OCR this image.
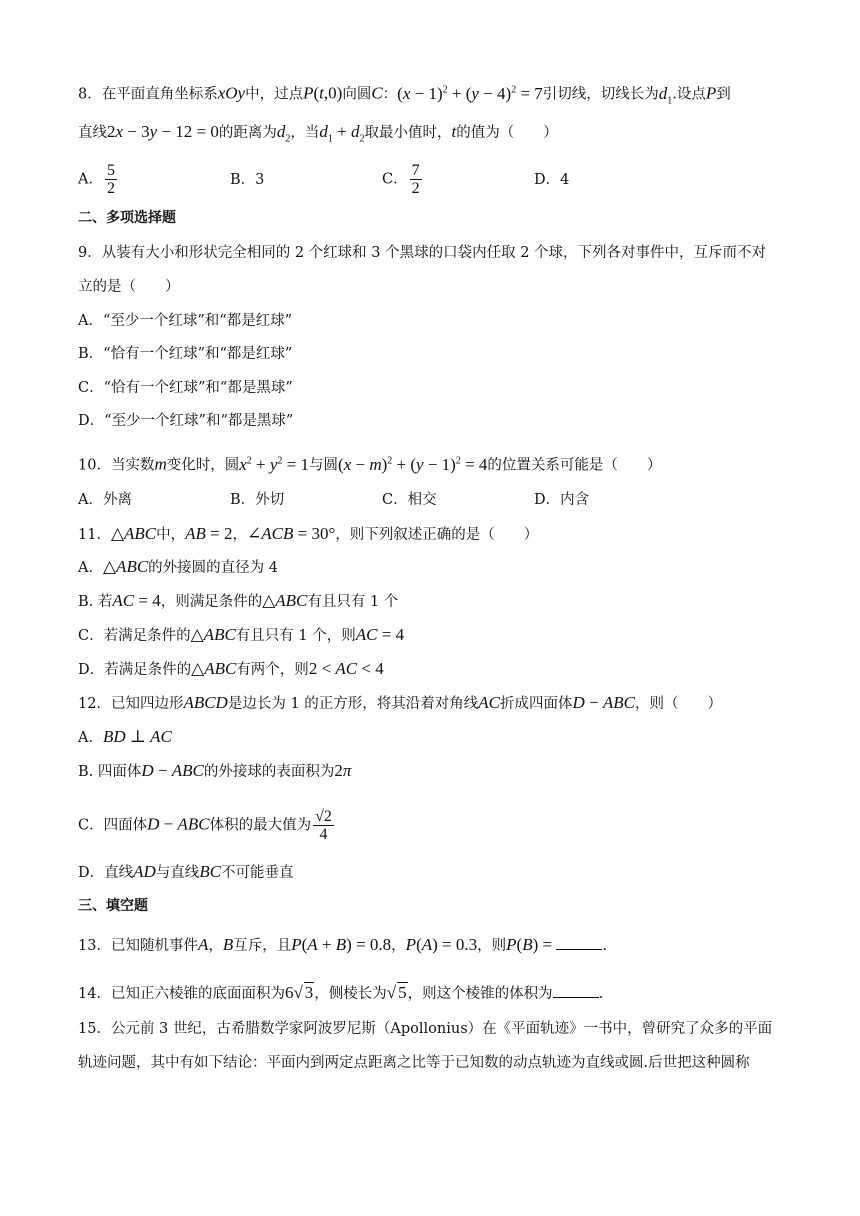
8．在平面直角坐标系xOy中，过点P(t,0)向圆C：$(x - 1)^2 + (y - 4)^2 = 7$引切线，切线长为$d_1$.设点P到
直线2x − 3y − 12 = 0的距离为$d_2$，当$d_1 + d_2$取最小值时，t的值为（　　）
A． $\frac{5}{2}$	B．3	C． $\frac{7}{2}$	D．4
二、多项选择题
9．从装有大小和形状完全相同的 2 个红球和 3 个黑球的口袋内任取 2 个球，下列各对事件中，互斥而不对
立的是（　　）
A．“至少一个红球”和“都是红球”
B．“恰有一个红球”和“都是红球”
C．“恰有一个红球”和“都是黑球”
D．“至少一个红球”和“都是黑球”
10．当实数m变化时，圆$x^2 + y^2 = 1$与圆$(x - m)^2 + (y - 1)^2 = 4$的位置关系可能是（　　）
A．外离	B．外切	C．相交	D．内含
11．△ABC中，AB = 2，∠ACB = 30°，则下列叙述正确的是（　　）
A．△ABC的外接圆的直径为 4
B. 若AC = 4，则满足条件的△ABC有且只有 1 个
C．若满足条件的△ABC有且只有 1 个，则AC = 4
D．若满足条件的△ABC有两个，则2 < AC < 4
12．已知四边形ABCD是边长为 1 的正方形，将其沿着对角线AC折成四面体D − ABC，则（　　）
A．BD ⊥ AC
B. 四面体D − ABC的外接球的表面积为2π
C．四面体D − ABC体积的最大值为 $\frac{√2}{4}$
D．直线AD与直线BC不可能垂直
三、填空题
13．已知随机事件A，B互斥，且P(A + B) = 0.8，P(A) = 0.3，则P(B) =	.
14．已知正六棱锥的底面面积为6√ 3，侧棱长为√ 5，则这个棱锥的体积为	.
15．公元前 3 世纪，古希腊数学家阿波罗尼斯（Apollonius）在《平面轨迹》一书中，曾研究了众多的平面
轨迹问题，其中有如下结论：平面内到两定点距离之比等于已知数的动点轨迹为直线或圆.后世把这种圆称
